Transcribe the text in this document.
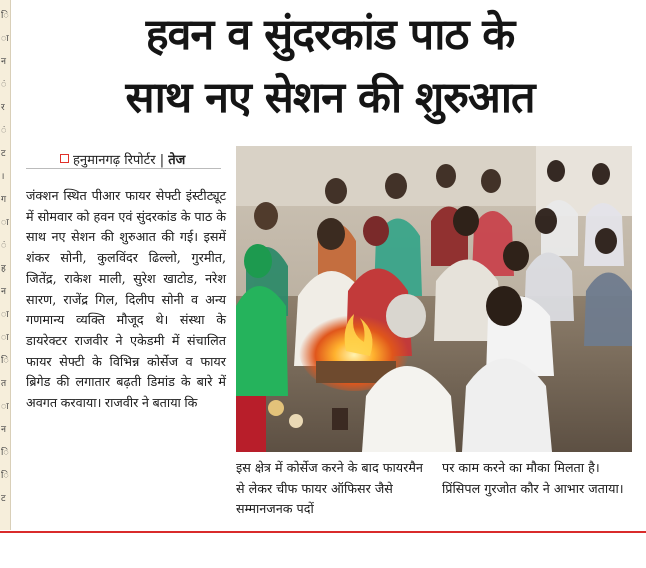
ि
ा
न
ं
र
ं
ट
।
ग
ा
ं
ह
न
ा
ा
ि
त
ा
न
ि
ि
ट
हवन व सुंदरकांड पाठ के
साथ नए सेशन की शुरुआत
हनुमानगढ़ रिपोर्टर | तेज

जंक्शन स्थित पीआर फायर सेफ्टी इंस्टीट्यूट में सोमवार को हवन एवं सुंदरकांड के पाठ के साथ नए सेशन की शुरुआत की गई। इसमें शंकर सोनी, कुलविंदर ढिल्लो, गुरमीत, जितेंद्र, राकेश माली, सुरेश खाटोड, नरेश सारण, राजेंद्र गिल, दिलीप सोनी व अन्य गणमान्य व्यक्ति मौजूद थे। संस्था के डायरेक्टर राजवीर ने एकेडमी में संचालित फायर सेफ्टी के विभिन्न कोर्सेज व फायर ब्रिगेड की लगातार बढ़ती डिमांड के बारे में अवगत करवाया। राजवीर ने बताया कि

इस क्षेत्र में कोर्सेज करने के बाद फायरमैन से लेकर चीफ फायर ऑफिसर जैसे सम्मानजनक पदों

पर काम करने का मौका मिलता है। प्रिंसिपल गुरजोत कौर ने आभार जताया।
